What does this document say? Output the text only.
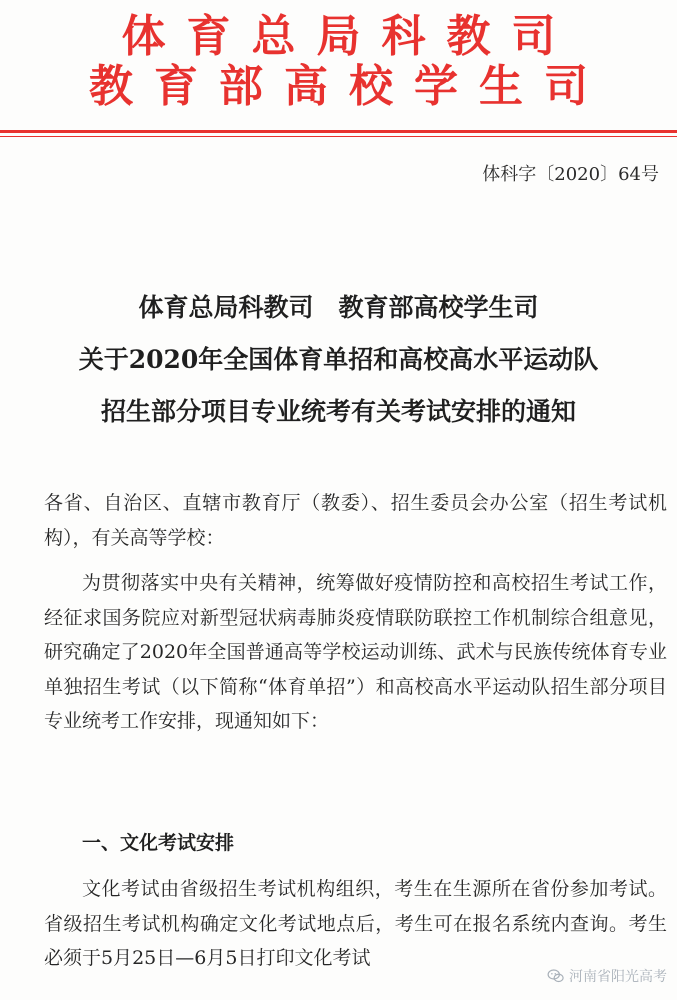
体育总局科教司
教育部高校学生司
体科字〔2020〕64号
体育总局科教司　教育部高校学生司
关于2020年全国体育单招和高校高水平运动队
招生部分项目专业统考有关考试安排的通知
各省、自治区、直辖市教育厅（教委）、招生委员会办公室（招生考试机构），有关高等学校：
为贯彻落实中央有关精神，统筹做好疫情防控和高校招生考试工作，经征求国务院应对新型冠状病毒肺炎疫情联防联控工作机制综合组意见，研究确定了2020年全国普通高等学校运动训练、武术与民族传统体育专业单独招生考试（以下简称“体育单招”）和高校高水平运动队招生部分项目专业统考工作安排，现通知如下：
一、文化考试安排
文化考试由省级招生考试机构组织，考生在生源所在省份参加考试。省级招生考试机构确定文化考试地点后，考生可在报名系统内查询。考生必须于5月25日—6月5日打印文化考试
河南省阳光高考
